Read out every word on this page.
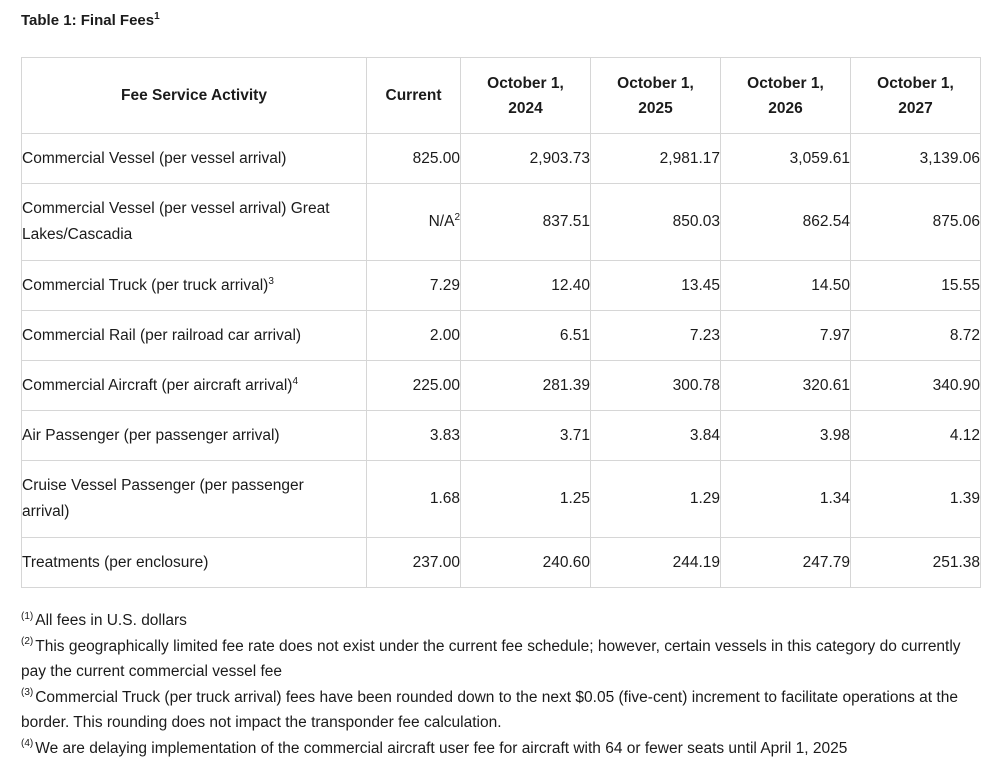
Table 1: Final Fees$^1$
Fee Service Activity	Current	October 1, 2024	October 1, 2025	October 1, 2026	October 1, 2027
Commercial Vessel (per vessel arrival)	825.00	2,903.73	2,981.17	3,059.61	3,139.06
Commercial Vessel (per vessel arrival) Great Lakes/Cascadia	N/A$^2$	837.51	850.03	862.54	875.06
Commercial Truck (per truck arrival)$^3$	7.29	12.40	13.45	14.50	15.55
Commercial Rail (per railroad car arrival)	2.00	6.51	7.23	7.97	8.72
Commercial Aircraft (per aircraft arrival)$^4$	225.00	281.39	300.78	320.61	340.90
Air Passenger (per passenger arrival)	3.83	3.71	3.84	3.98	4.12
Cruise Vessel Passenger (per passenger arrival)	1.68	1.25	1.29	1.34	1.39
Treatments (per enclosure)	237.00	240.60	244.19	247.79	251.38
$^{(1)}$ All fees in U.S. dollars
$^{(2)}$ This geographically limited fee rate does not exist under the current fee schedule; however, certain vessels in this category do currently pay the current commercial vessel fee
$^{(3)}$ Commercial Truck (per truck arrival) fees have been rounded down to the next $0.05 (five-cent) increment to facilitate operations at the border. This rounding does not impact the transponder fee calculation.
$^{(4)}$ We are delaying implementation of the commercial aircraft user fee for aircraft with 64 or fewer seats until April 1, 2025
